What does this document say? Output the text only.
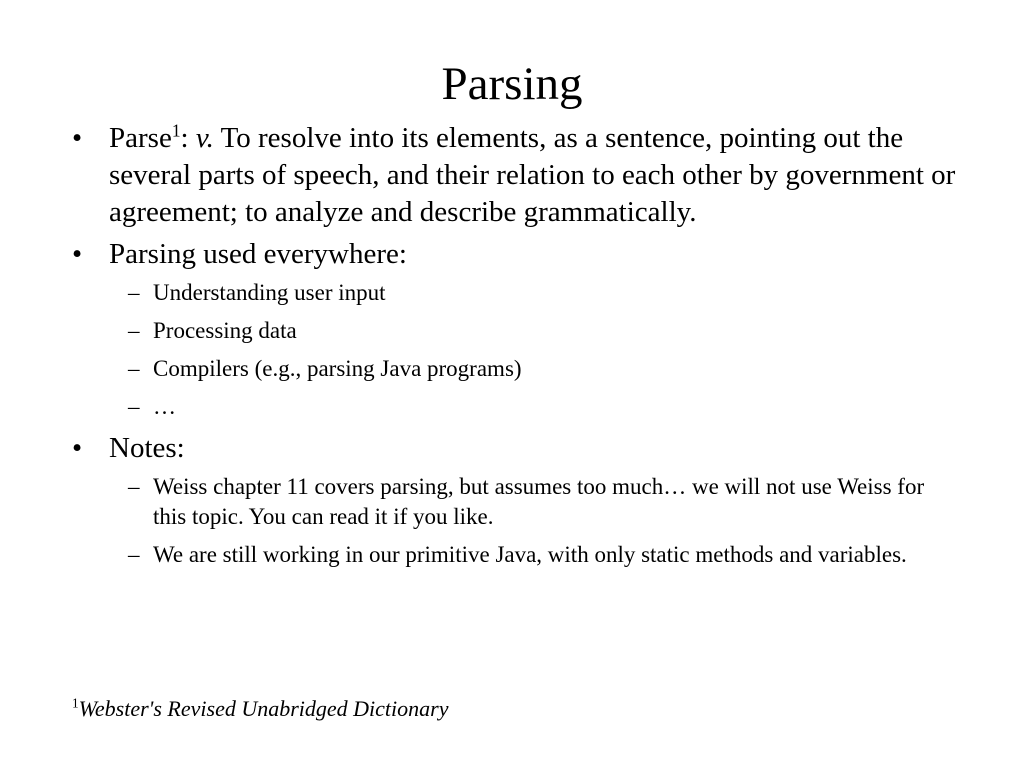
Parsing
• Parse$^1$: v. To resolve into its elements, as a sentence, pointing out the several parts of speech, and their relation to each other by government or agreement; to analyze and describe grammatically.
• Parsing used everywhere:
– Understanding user input
– Processing data
– Compilers (e.g., parsing Java programs)
– …
• Notes:
– Weiss chapter 11 covers parsing, but assumes too much… we will not use Weiss for this topic. You can read it if you like.
– We are still working in our primitive Java, with only static methods and variables.
$^1$Webster's Revised Unabridged Dictionary
